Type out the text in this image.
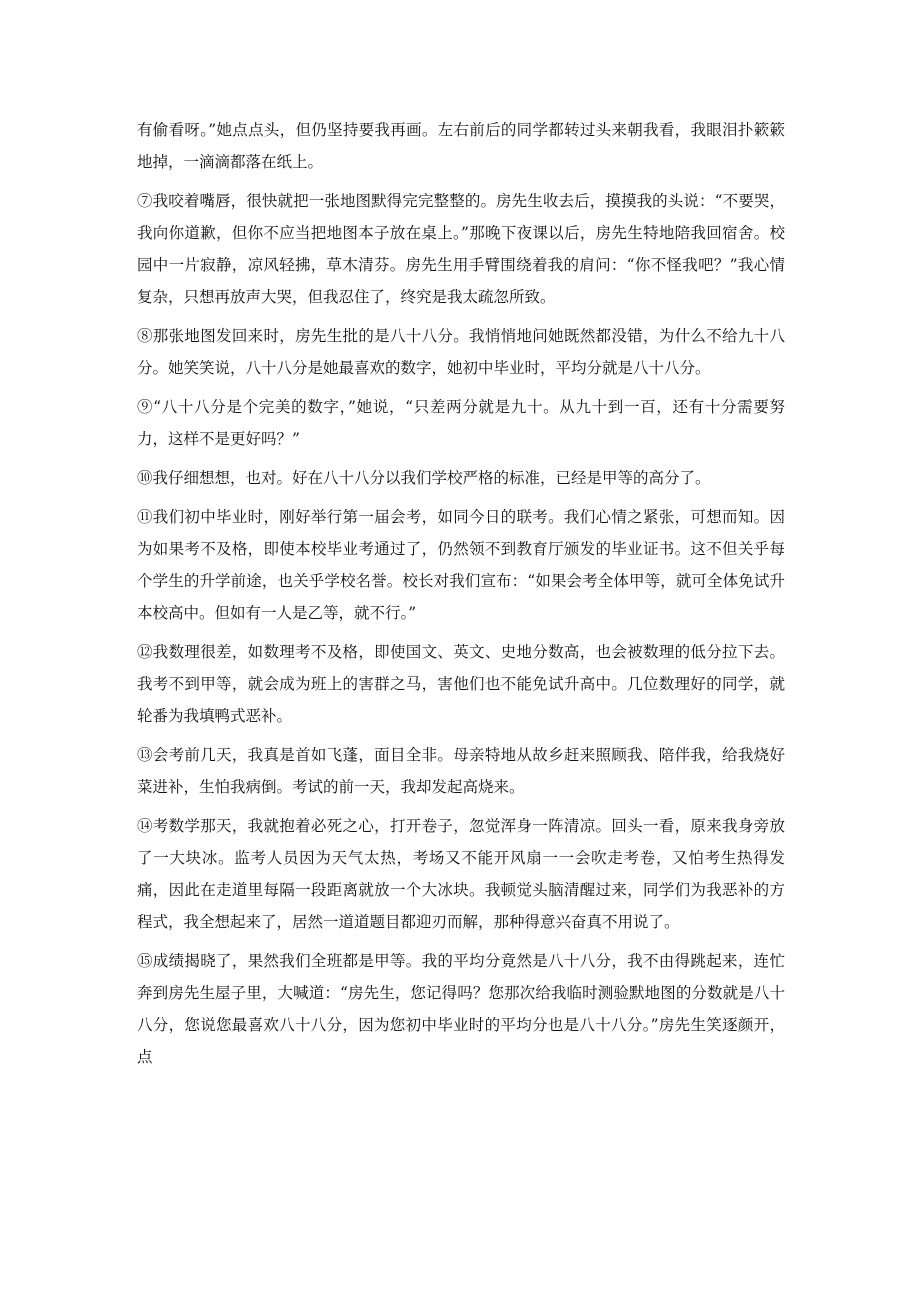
有偷看呀。”她点点头，但仍坚持要我再画。左右前后的同学都转过头来朝我看，我眼泪扑簌簌地掉，一滴滴都落在纸上。

⑦我咬着嘴唇，很快就把一张地图默得完完整整的。房先生收去后，摸摸我的头说：“不要哭，我向你道歉，但你不应当把地图本子放在桌上。”那晚下夜课以后，房先生特地陪我回宿舍。校园中一片寂静，凉风轻拂，草木清芬。房先生用手臂围绕着我的肩问：“你不怪我吧？”我心情复杂，只想再放声大哭，但我忍住了，终究是我太疏忽所致。

⑧那张地图发回来时，房先生批的是八十八分。我悄悄地问她既然都没错，为什么不给九十八分。她笑笑说，八十八分是她最喜欢的数字，她初中毕业时，平均分就是八十八分。

⑨“八十八分是个完美的数字，”她说，“只差两分就是九十。从九十到一百，还有十分需要努力，这样不是更好吗？”

⑩我仔细想想，也对。好在八十八分以我们学校严格的标准，已经是甲等的高分了。

⑪我们初中毕业时，刚好举行第一届会考，如同今日的联考。我们心情之紧张，可想而知。因为如果考不及格，即使本校毕业考通过了，仍然领不到教育厅颁发的毕业证书。这不但关乎每个学生的升学前途，也关乎学校名誉。校长对我们宣布：“如果会考全体甲等，就可全体免试升本校高中。但如有一人是乙等，就不行。”

⑫我数理很差，如数理考不及格，即使国文、英文、史地分数高，也会被数理的低分拉下去。我考不到甲等，就会成为班上的害群之马，害他们也不能免试升高中。几位数理好的同学，就轮番为我填鸭式恶补。

⑬会考前几天，我真是首如飞蓬，面目全非。母亲特地从故乡赶来照顾我、陪伴我，给我烧好菜进补，生怕我病倒。考试的前一天，我却发起高烧来。

⑭考数学那天，我就抱着必死之心，打开卷子，忽觉浑身一阵清凉。回头一看，原来我身旁放了一大块冰。监考人员因为天气太热，考场又不能开风扇一一会吹走考卷，又怕考生热得发痛，因此在走道里每隔一段距离就放一个大冰块。我顿觉头脑清醒过来，同学们为我恶补的方程式，我全想起来了，居然一道道题目都迎刃而解，那种得意兴奋真不用说了。

⑮成绩揭晓了，果然我们全班都是甲等。我的平均分竟然是八十八分，我不由得跳起来，连忙奔到房先生屋子里，大喊道：“房先生，您记得吗？您那次给我临时测验默地图的分数就是八十八分，您说您最喜欢八十八分，因为您初中毕业时的平均分也是八十八分。”房先生笑逐颜开，点
